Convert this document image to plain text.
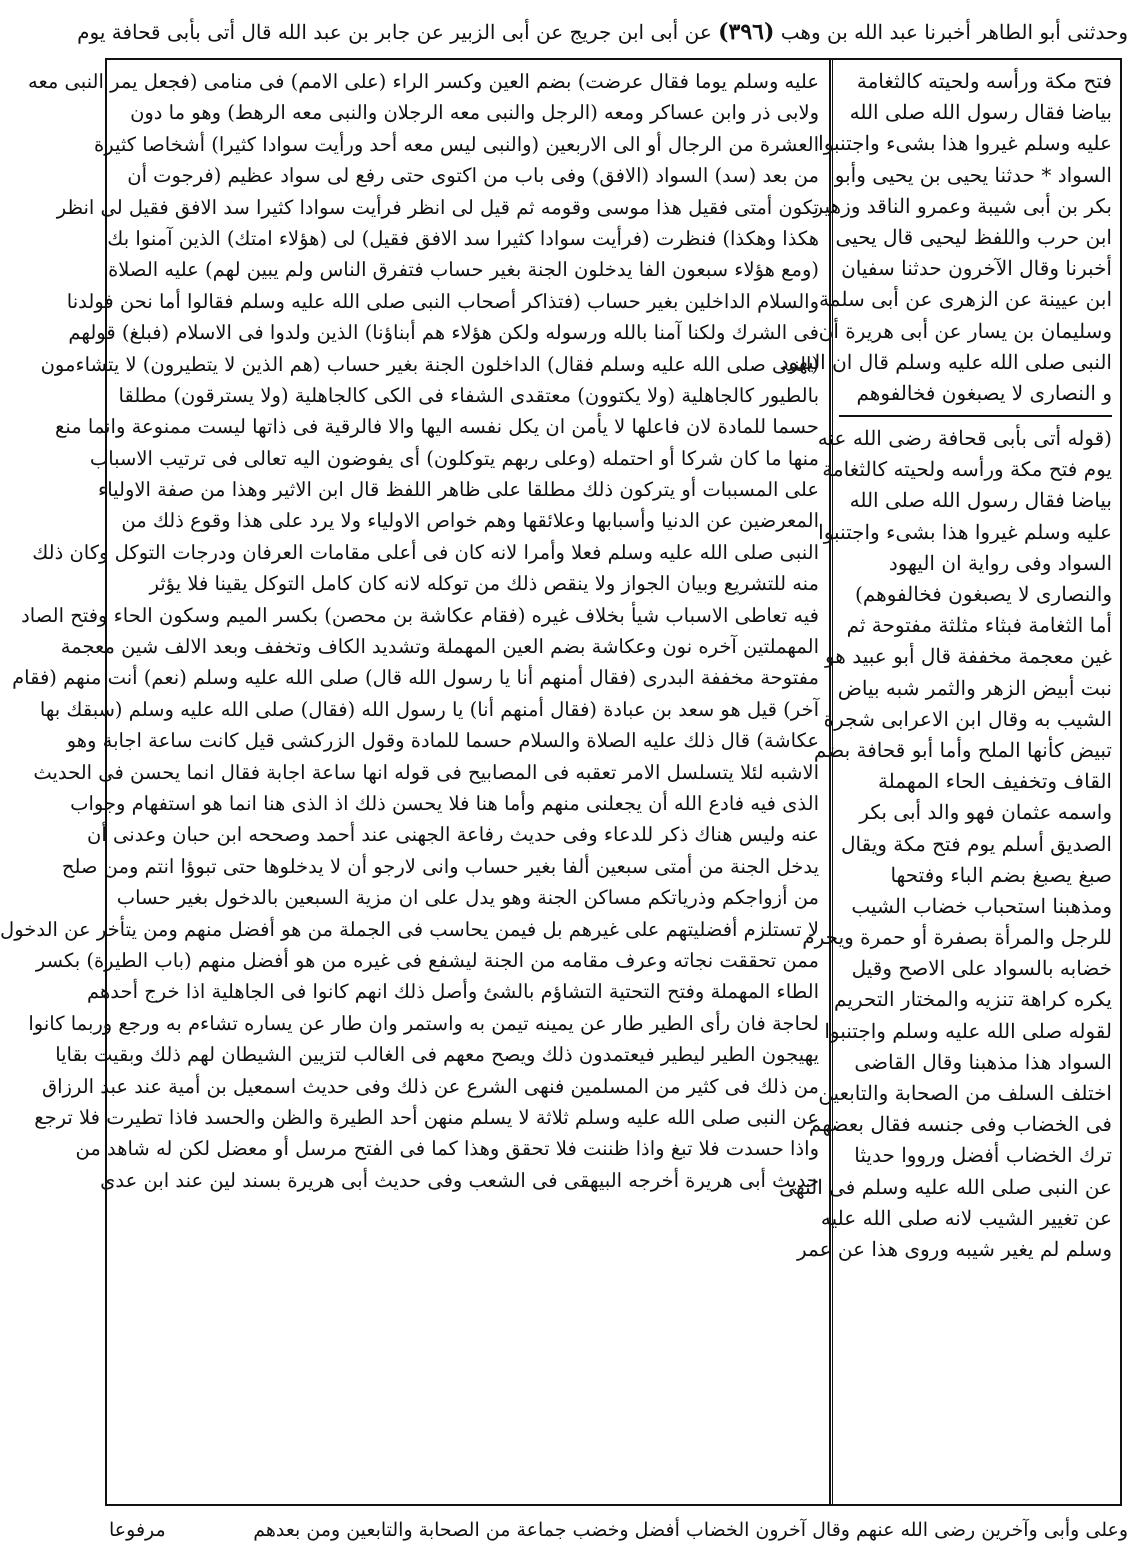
وحدثنى أبو الطاهر أخبرنا عبد الله بن وهب (٣٩٦) عن أبى ابن جريج عن أبى الزبير عن جابر بن عبد الله قال أتى بأبى قحافة يوم
فتح مكة ورأسه ولحيته كالثغامة
بياضا فقال رسول الله صلى الله
عليه وسلم غيروا هذا بشىء واجتنبوا
السواد * حدثنا يحيى بن يحيى وأبو
بكر بن أبى شيبة وعمرو الناقد وزهير
ابن حرب واللفظ ليحيى قال يحيى
أخبرنا وقال الآخرون حدثنا سفيان
ابن عيينة عن الزهرى عن أبى سلمة
وسليمان بن يسار عن أبى هريرة أن
النبى صلى الله عليه وسلم قال ان اليهود
و النصارى لا يصبغون فخالفوهم
(قوله أتى بأبى قحافة رضى الله عنه
يوم فتح مكة ورأسه ولحيته كالثغامة
بياضا فقال رسول الله صلى الله
عليه وسلم غيروا هذا بشىء واجتنبوا
السواد وفى رواية ان اليهود
والنصارى لا يصبغون فخالفوهم)
أما الثغامة فبثاء مثلثة مفتوحة ثم
غين معجمة مخففة قال أبو عبيد هو
نبت أبيض الزهر والثمر شبه بياض
الشيب به وقال ابن الاعرابى شجرة
تبيض كأنها الملح وأما أبو قحافة بضم
القاف وتخفيف الحاء المهملة
واسمه عثمان فهو والد أبى بكر
الصديق أسلم يوم فتح مكة ويقال
صبغ يصبغ بضم الباء وفتحها
ومذهبنا استحباب خضاب الشيب
للرجل والمرأة بصفرة أو حمرة ويحرم
خضابه بالسواد على الاصح وقيل
يكره كراهة تنزيه والمختار التحريم
لقوله صلى الله عليه وسلم واجتنبوا
السواد هذا مذهبنا وقال القاضى
اختلف السلف من الصحابة والتابعين
فى الخضاب وفى جنسه فقال بعضهم
ترك الخضاب أفضل ورووا حديثا
عن النبى صلى الله عليه وسلم فى النهى
عن تغيير الشيب لانه صلى الله عليه
وسلم لم يغير شيبه وروى هذا عن عمر
عليه وسلم يوما فقال عرضت) بضم العين وكسر الراء (على الامم) فى منامى (فجعل يمر النبى معه
ولابى ذر وابن عساكر ومعه (الرجل والنبى معه الرجلان والنبى معه الرهط) وهو ما دون
العشرة من الرجال أو الى الاربعين (والنبى ليس معه أحد ورأيت سوادا كثيرا) أشخاصا كثيرة
من بعد (سد) السواد (الافق) وفى باب من اكتوى حتى رفع لى سواد عظيم (فرجوت أن
تكون أمتى فقيل هذا موسى وقومه ثم قيل لى انظر فرأيت سوادا كثيرا سد الافق فقيل لى انظر
هكذا وهكذا) فنظرت (فرأيت سوادا كثيرا سد الافق فقيل) لى (هؤلاء امتك) الذين آمنوا بك
(ومع هؤلاء سبعون الفا يدخلون الجنة بغير حساب فتفرق الناس ولم يبين لهم) عليه الصلاة
والسلام الداخلين بغير حساب (فتذاكر أصحاب النبى صلى الله عليه وسلم فقالوا أما نحن فولدنا
فى الشرك ولكنا آمنا بالله ورسوله ولكن هؤلاء هم أبناؤنا) الذين ولدوا فى الاسلام (فبلغ) قولهم
(النبى صلى الله عليه وسلم فقال) الداخلون الجنة بغير حساب (هم الذين لا يتطيرون) لا يتشاءمون
بالطيور كالجاهلية (ولا يكتوون) معتقدى الشفاء فى الكى كالجاهلية (ولا يسترقون) مطلقا
حسما للمادة لان فاعلها لا يأمن ان يكل نفسه اليها والا فالرقية فى ذاتها ليست ممنوعة وانما منع
منها ما كان شركا أو احتمله (وعلى ربهم يتوكلون) أى يفوضون اليه تعالى فى ترتيب الاسباب
على المسببات أو يتركون ذلك مطلقا على ظاهر اللفظ قال ابن الاثير وهذا من صفة الاولياء
المعرضين عن الدنيا وأسبابها وعلائقها وهم خواص الاولياء ولا يرد على هذا وقوع ذلك من
النبى صلى الله عليه وسلم فعلا وأمرا لانه كان فى أعلى مقامات العرفان ودرجات التوكل وكان ذلك
منه للتشريع وبيان الجواز ولا ينقص ذلك من توكله لانه كان كامل التوكل يقينا فلا يؤثر
فيه تعاطى الاسباب شيأ بخلاف غيره (فقام عكاشة بن محصن) بكسر الميم وسكون الحاء وفتح الصاد
المهملتين آخره نون وعكاشة بضم العين المهملة وتشديد الكاف وتخفف وبعد الالف شين معجمة
مفتوحة مخففة البدرى (فقال أمنهم أنا يا رسول الله قال) صلى الله عليه وسلم (نعم) أنت منهم (فقام
آخر) قيل هو سعد بن عبادة (فقال أمنهم أنا) يا رسول الله (فقال) صلى الله عليه وسلم (سبقك بها
عكاشة) قال ذلك عليه الصلاة والسلام حسما للمادة وقول الزركشى قيل كانت ساعة اجابة وهو
الاشبه لئلا يتسلسل الامر تعقبه فى المصابيح فى قوله انها ساعة اجابة فقال انما يحسن فى الحديث
الذى فيه فادع الله أن يجعلنى منهم وأما هنا فلا يحسن ذلك اذ الذى هنا انما هو استفهام وجواب
عنه وليس هناك ذكر للدعاء وفى حديث رفاعة الجهنى عند أحمد وصححه ابن حبان وعدنى أن
يدخل الجنة من أمتى سبعين ألفا بغير حساب وانى لارجو أن لا يدخلوها حتى تبوؤا انتم ومن صلح
من أزواجكم وذرياتكم مساكن الجنة وهو يدل على ان مزية السبعين بالدخول بغير حساب
لا تستلزم أفضليتهم على غيرهم بل فيمن يحاسب فى الجملة من هو أفضل منهم ومن يتأخر عن الدخول
ممن تحققت نجاته وعرف مقامه من الجنة ليشفع فى غيره من هو أفضل منهم (باب الطيرة) بكسر
الطاء المهملة وفتح التحتية التشاؤم بالشئ وأصل ذلك انهم كانوا فى الجاهلية اذا خرج أحدهم
لحاجة فان رأى الطير طار عن يمينه تيمن به واستمر وان طار عن يساره تشاءم به ورجع وربما كانوا
يهيجون الطير ليطير فيعتمدون ذلك ويصح معهم فى الغالب لتزيين الشيطان لهم ذلك وبقيت بقايا
من ذلك فى كثير من المسلمين فنهى الشرع عن ذلك وفى حديث اسمعيل بن أمية عند عبد الرزاق
عن النبى صلى الله عليه وسلم ثلاثة لا يسلم منهن أحد الطيرة والظن والحسد فاذا تطيرت فلا ترجع
واذا حسدت فلا تبغ واذا ظننت فلا تحقق وهذا كما فى الفتح مرسل أو معضل لكن له شاهد من
حديث أبى هريرة أخرجه البيهقى فى الشعب وفى حديث أبى هريرة بسند لين عند ابن عدى
وعلى وأبى وآخرين رضى الله عنهم وقال آخرون الخضاب أفضل وخضب جماعة من الصحابة والتابعين ومن بعدهم
مرفوعا
